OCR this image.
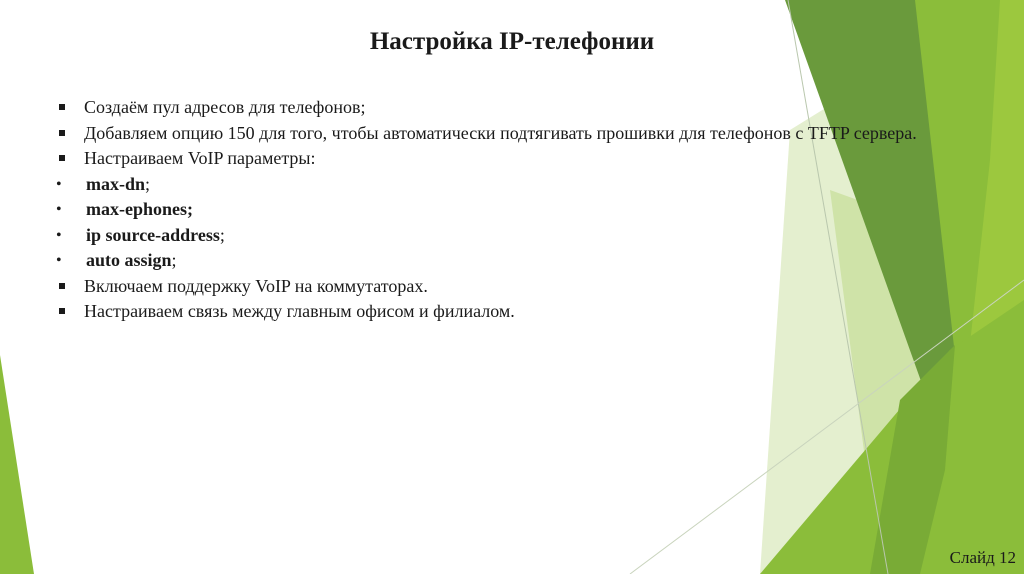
Настройка IP-телефонии
Создаём пул адресов для телефонов;
Добавляем опцию 150 для того, чтобы автоматически подтягивать прошивки для телефонов с TFTP сервера.
Настраиваем VoIP параметры:
• max-dn;
• max-ephones;
• ip source-address;
• auto assign;
Включаем поддержку VoIP на коммутаторах.
Настраиваем связь между главным офисом и филиалом.
Слайд 12
